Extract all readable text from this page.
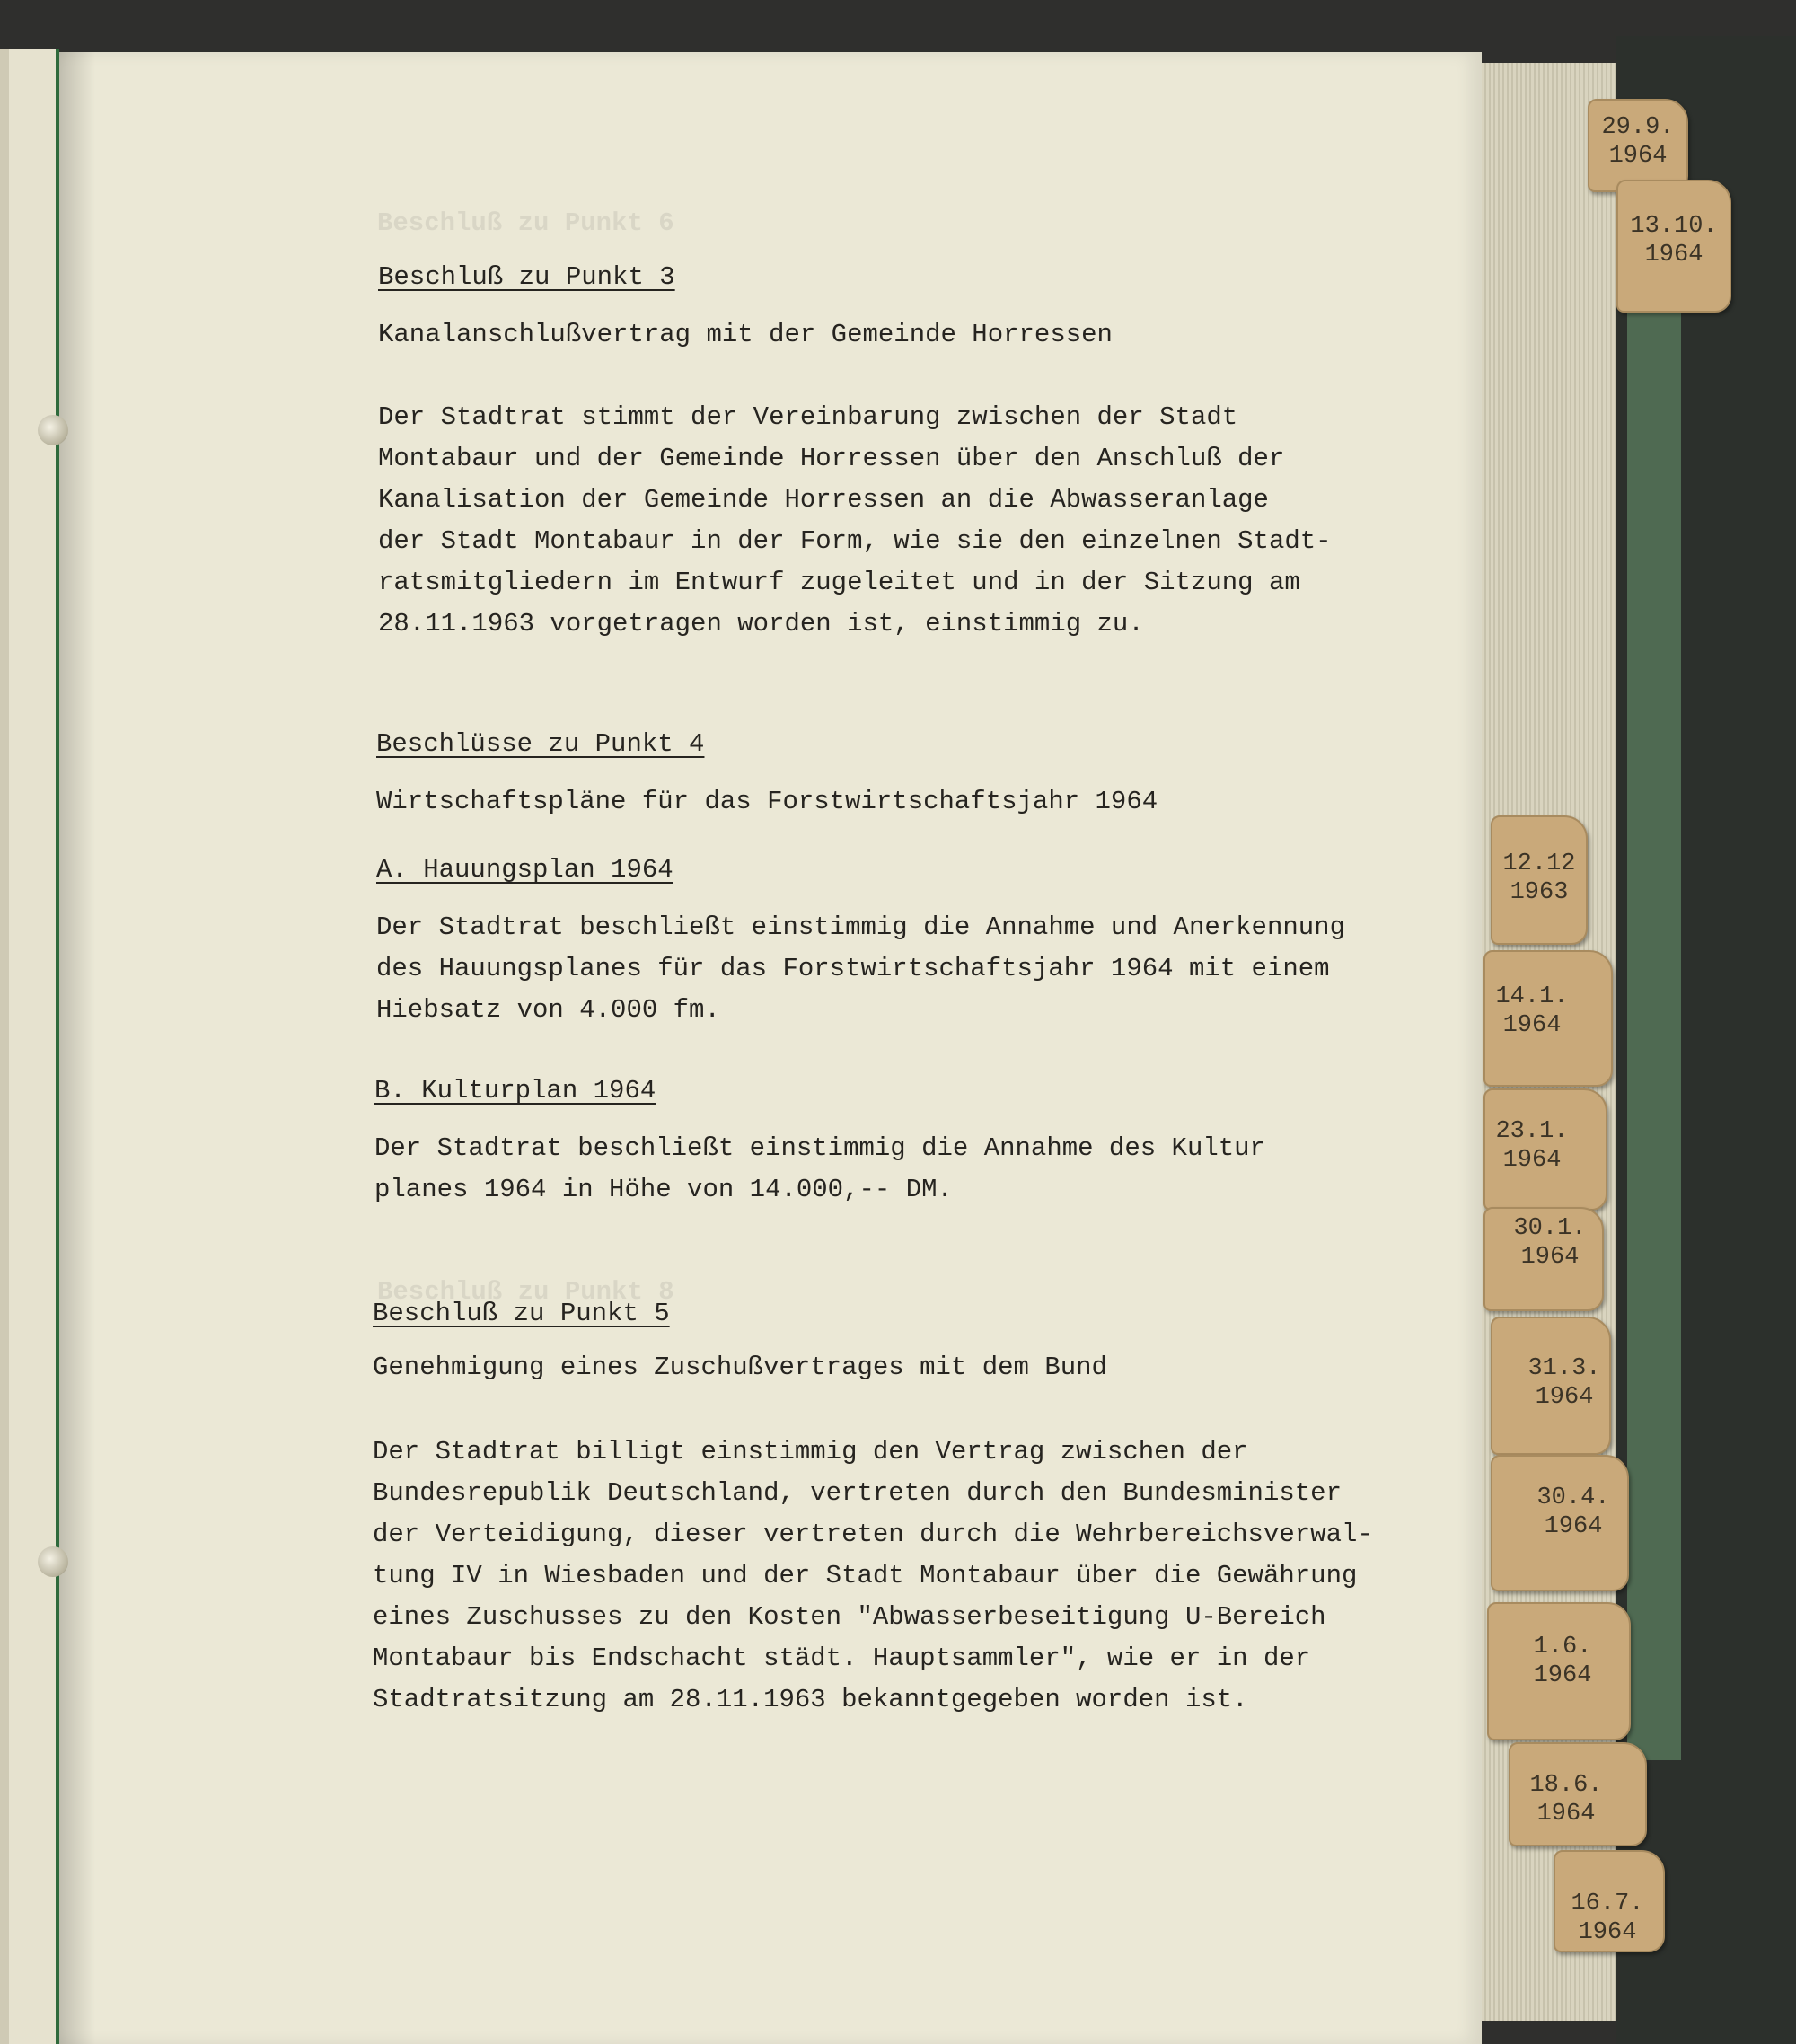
Beschluß zu Punkt 6
Beschluß zu Punkt 8
Beschluß zu Punkt 3
Kanalanschlußvertrag mit der Gemeinde Horressen
Der Stadtrat stimmt der Vereinbarung zwischen der Stadt
Montabaur und der Gemeinde Horressen über den Anschluß der
Kanalisation der Gemeinde Horressen an die Abwasseranlage
der Stadt Montabaur in der Form, wie sie den einzelnen Stadt-
ratsmitgliedern im Entwurf zugeleitet und in der Sitzung am
28.11.1963 vorgetragen worden ist, einstimmig zu.
Beschlüsse zu Punkt 4
Wirtschaftspläne für das Forstwirtschaftsjahr 1964
A. Hauungsplan 1964
Der Stadtrat beschließt einstimmig die Annahme und Anerkennung
des Hauungsplanes für das Forstwirtschaftsjahr 1964 mit einem
Hiebsatz von 4.000 fm.
B. Kulturplan 1964
Der Stadtrat beschließt einstimmig die Annahme des Kultur
planes 1964 in Höhe von 14.000,-- DM.
Beschluß zu Punkt 5
Genehmigung eines Zuschußvertrages mit dem Bund
Der Stadtrat billigt einstimmig den Vertrag zwischen der
Bundesrepublik Deutschland, vertreten durch den Bundesminister
der Verteidigung, dieser vertreten durch die Wehrbereichsverwal-
tung IV in Wiesbaden und der Stadt Montabaur über die Gewährung
eines Zuschusses zu den Kosten "Abwasserbeseitigung U-Bereich
Montabaur bis Endschacht städt. Hauptsammler", wie er in der
Stadtratsitzung am 28.11.1963 bekanntgegeben worden ist.
29.9.
1964
13.10.
1964
12.12
1963
14.1.
1964
23.1.
1964
30.1.
1964
31.3.
1964
30.4.
1964
1.6.
1964
18.6.
1964
16.7.
1964
